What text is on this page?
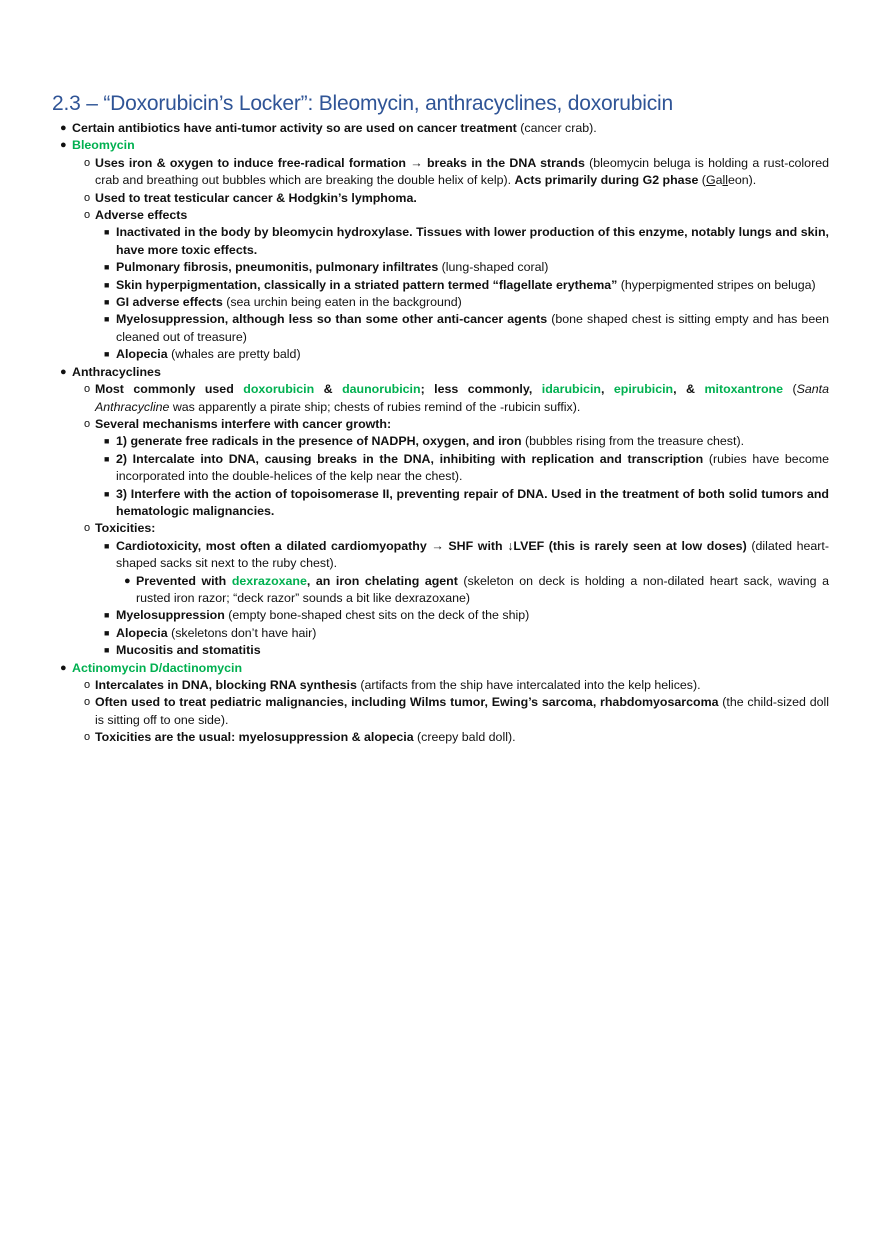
2.3 – “Doxorubicin’s Locker”: Bleomycin, anthracyclines, doxorubicin
● Certain antibiotics have anti-tumor activity so are used on cancer treatment (cancer crab).
● Bleomycin
o Uses iron & oxygen to induce free-radical formation → breaks in the DNA strands (bleomycin beluga is holding a rust-colored crab and breathing out bubbles which are breaking the double helix of kelp). Acts primarily during G2 phase (Galleon).
o Used to treat testicular cancer & Hodgkin’s lymphoma.
o Adverse effects
■ Inactivated in the body by bleomycin hydroxylase. Tissues with lower production of this enzyme, notably lungs and skin, have more toxic effects.
■ Pulmonary fibrosis, pneumonitis, pulmonary infiltrates (lung-shaped coral)
■ Skin hyperpigmentation, classically in a striated pattern termed “flagellate erythema” (hyperpigmented stripes on beluga)
■ GI adverse effects (sea urchin being eaten in the background)
■ Myelosuppression, although less so than some other anti-cancer agents (bone shaped chest is sitting empty and has been cleaned out of treasure)
■ Alopecia (whales are pretty bald)
● Anthracyclines
o Most commonly used doxorubicin & daunorubicin; less commonly, idarubicin, epirubicin, & mitoxantrone (Santa Anthracycline was apparently a pirate ship; chests of rubies remind of the -rubicin suffix).
o Several mechanisms interfere with cancer growth:
■ 1) generate free radicals in the presence of NADPH, oxygen, and iron (bubbles rising from the treasure chest).
■ 2) Intercalate into DNA, causing breaks in the DNA, inhibiting with replication and transcription (rubies have become incorporated into the double-helices of the kelp near the chest).
■ 3) Interfere with the action of topoisomerase II, preventing repair of DNA. Used in the treatment of both solid tumors and hematologic malignancies.
o Toxicities:
■ Cardiotoxicity, most often a dilated cardiomyopathy → SHF with ↓LVEF (this is rarely seen at low doses) (dilated heart-shaped sacks sit next to the ruby chest).
● Prevented with dexrazoxane, an iron chelating agent (skeleton on deck is holding a non-dilated heart sack, waving a rusted iron razor; “deck razor” sounds a bit like dexrazoxane)
■ Myelosuppression (empty bone-shaped chest sits on the deck of the ship)
■ Alopecia (skeletons don’t have hair)
■ Mucositis and stomatitis
● Actinomycin D/dactinomycin
o Intercalates in DNA, blocking RNA synthesis (artifacts from the ship have intercalated into the kelp helices).
o Often used to treat pediatric malignancies, including Wilms tumor, Ewing’s sarcoma, rhabdomyosarcoma (the child-sized doll is sitting off to one side).
o Toxicities are the usual: myelosuppression & alopecia (creepy bald doll).
